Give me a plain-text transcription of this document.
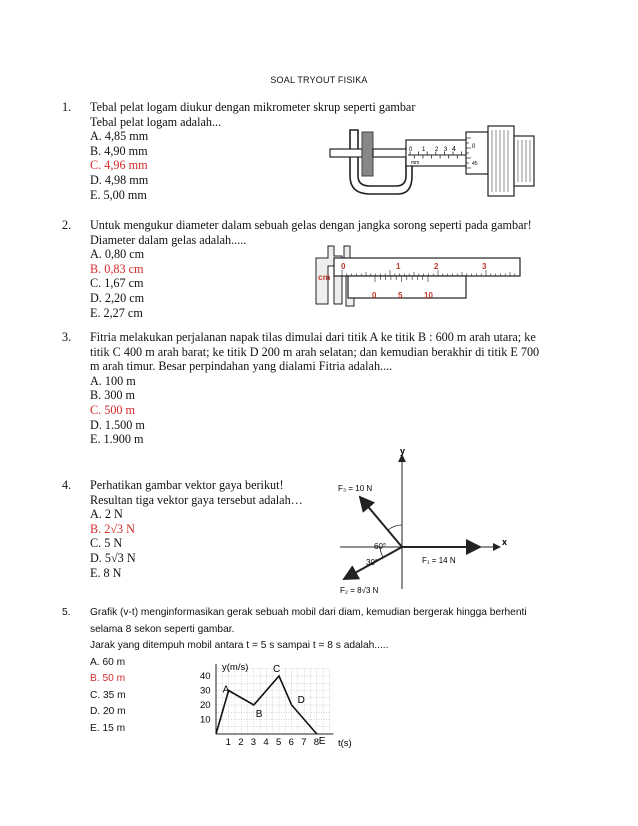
SOAL TRYOUT FISIKA
1.	Tebal pelat logam diukur dengan mikrometer skrup seperti gambar
Tebal pelat logam adalah...
A. 4,85 mm
B. 4,90 mm
C. 4,96 mm
D. 4,98 mm
E. 5,00 mm
2.	Untuk mengukur diameter dalam sebuah gelas dengan jangka sorong seperti pada gambar!
Diameter dalam gelas adalah.....
A. 0,80 cm
B. 0,83 cm
C. 1,67 cm
D. 2,20 cm
E. 2,27 cm
3.	Fitria melakukan perjalanan napak tilas dimulai dari titik A ke titik B : 600 m arah utara; ke
titik C 400 m arah barat; ke titik D 200 m arah selatan; dan kemudian berakhir di titik E 700
m arah timur. Besar perpindahan yang dialami Fitria adalah....
A. 100 m
B. 300 m
C. 500 m
D. 1.500 m
E. 1.900 m
4.	Perhatikan gambar vektor gaya berikut!
Resultan tiga vektor gaya tersebut adalah…
A. 2 N
B. 2√3 N
C. 5 N
D. 5√3 N
E. 8 N
5.	Grafik (v-t) menginformasikan gerak sebuah mobil dari diam, kemudian bergerak hingga berhenti
selama 8 sekon seperti gambar.
Jarak yang ditempuh mobil antara t = 5 s sampai t = 8 s adalah.....
A. 60 m
B. 50 m
C. 35 m
D. 20 m
E. 15 m
0 1 2 3 4
mm
0
45
cm
0	1	2	3
0	5	10
y
x
F₃ = 10 N
F₁ = 14 N
F₂ = 8√3 N
60°
30°
1 2 3 4 5 6 7 8
10
20
30
40
y(m/s)
t(s)
A
B
C
D
E
